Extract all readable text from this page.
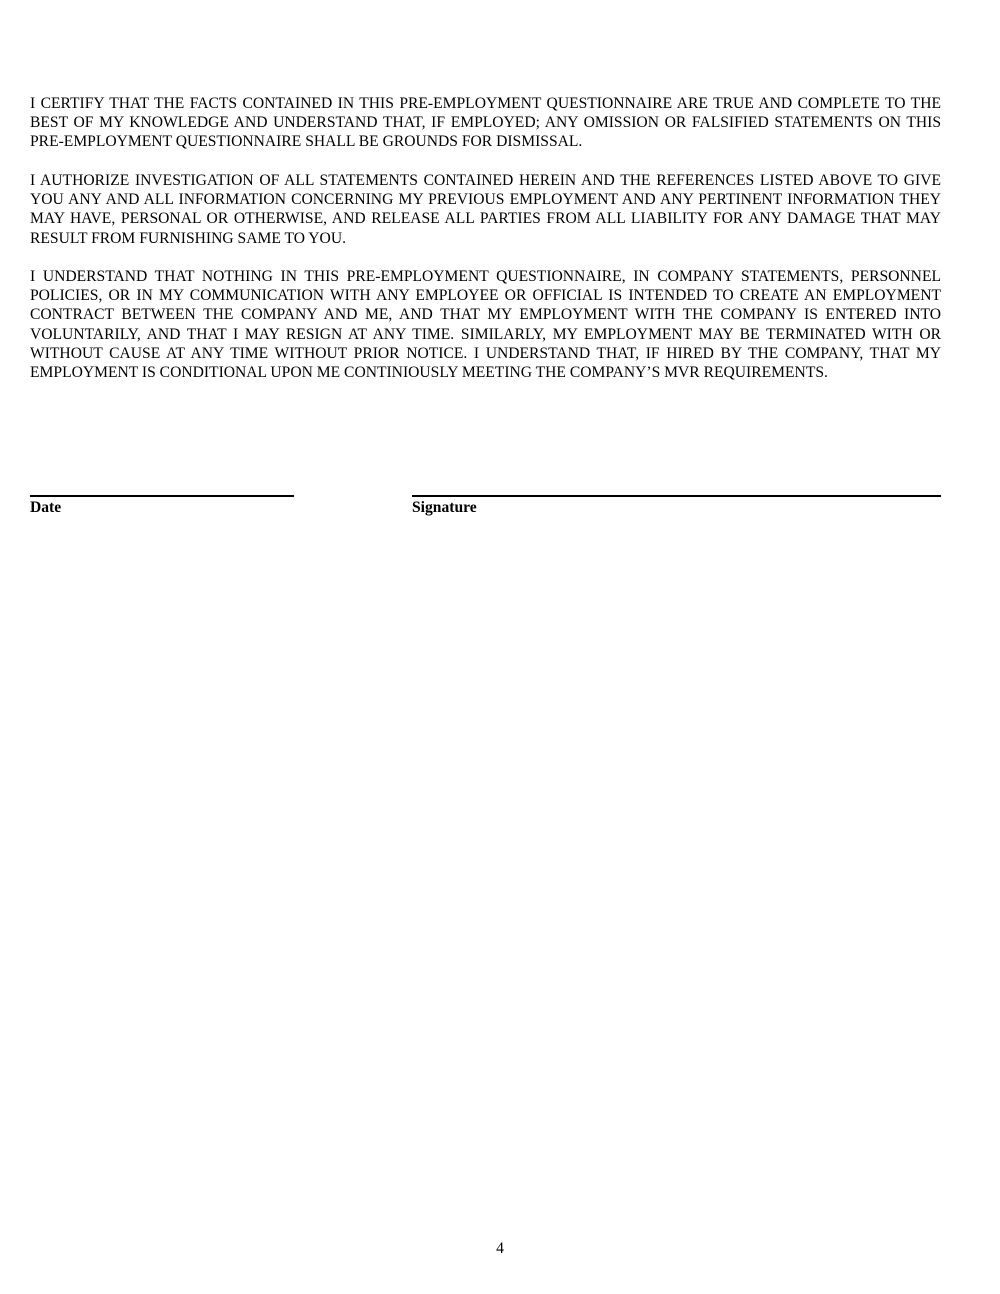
I CERTIFY THAT THE FACTS CONTAINED IN THIS PRE-EMPLOYMENT QUESTIONNAIRE ARE TRUE AND COMPLETE TO THE BEST OF MY KNOWLEDGE AND UNDERSTAND THAT, IF EMPLOYED; ANY OMISSION OR FALSIFIED STATEMENTS ON THIS PRE-EMPLOYMENT QUESTIONNAIRE SHALL BE GROUNDS FOR DISMISSAL.

I AUTHORIZE INVESTIGATION OF ALL STATEMENTS CONTAINED HEREIN AND THE REFERENCES LISTED ABOVE TO GIVE YOU ANY AND ALL INFORMATION CONCERNING MY PREVIOUS EMPLOYMENT AND ANY PERTINENT INFORMATION THEY MAY HAVE, PERSONAL OR OTHERWISE, AND RELEASE ALL PARTIES FROM ALL LIABILITY FOR ANY DAMAGE THAT MAY RESULT FROM FURNISHING SAME TO YOU.

I UNDERSTAND THAT NOTHING IN THIS PRE-EMPLOYMENT QUESTIONNAIRE, IN COMPANY STATEMENTS, PERSONNEL POLICIES, OR IN MY COMMUNICATION WITH ANY EMPLOYEE OR OFFICIAL IS INTENDED TO CREATE AN EMPLOYMENT CONTRACT BETWEEN THE COMPANY AND ME, AND THAT MY EMPLOYMENT WITH THE COMPANY IS ENTERED INTO VOLUNTARILY, AND THAT I MAY RESIGN AT ANY TIME. SIMILARLY, MY EMPLOYMENT MAY BE TERMINATED WITH OR WITHOUT CAUSE AT ANY TIME WITHOUT PRIOR NOTICE. I UNDERSTAND THAT, IF HIRED BY THE COMPANY, THAT MY EMPLOYMENT IS CONDITIONAL UPON ME CONTINIOUSLY MEETING THE COMPANY’S MVR REQUIREMENTS.

Date	Signature
4
